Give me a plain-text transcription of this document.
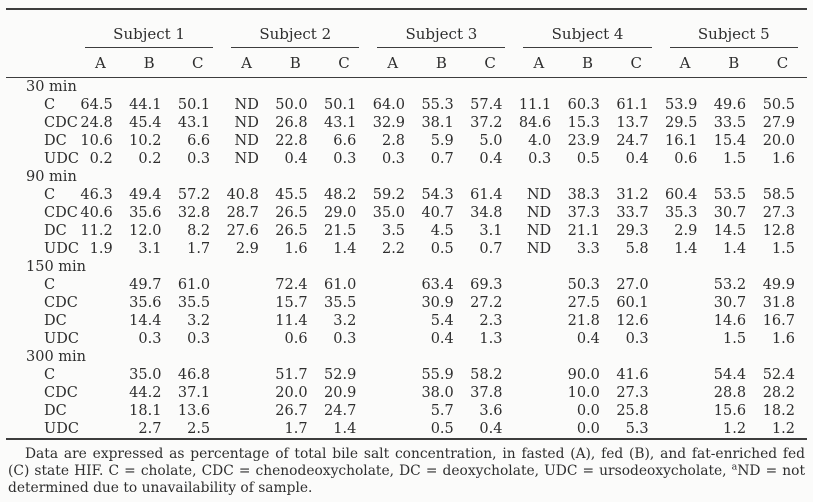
	Subject 1			Subject 2			Subject 3			Subject 4			Subject 5		

	A	B	C	A	B	C	A	B	C	A	B	C	A	B	C
30 min															
C	64.5	44.1	50.1	ND	50.0	50.1	64.0	55.3	57.4	11.1	60.3	61.1	53.9	49.6	50.5
CDC	24.8	45.4	43.1	ND	26.8	43.1	32.9	38.1	37.2	84.6	15.3	13.7	29.5	33.5	27.9
DC	10.6	10.2	6.6	ND	22.8	6.6	2.8	5.9	5.0	4.0	23.9	24.7	16.1	15.4	20.0
UDC	0.2	0.2	0.3	ND	0.4	0.3	0.3	0.7	0.4	0.3	0.5	0.4	0.6	1.5	1.6
90 min															
C	46.3	49.4	57.2	40.8	45.5	48.2	59.2	54.3	61.4	ND	38.3	31.2	60.4	53.5	58.5
CDC	40.6	35.6	32.8	28.7	26.5	29.0	35.0	40.7	34.8	ND	37.3	33.7	35.3	30.7	27.3
DC	11.2	12.0	8.2	27.6	26.5	21.5	3.5	4.5	3.1	ND	21.1	29.3	2.9	14.5	12.8
UDC	1.9	3.1	1.7	2.9	1.6	1.4	2.2	0.5	0.7	ND	3.3	5.8	1.4	1.4	1.5
150 min															
C		49.7	61.0		72.4	61.0		63.4	69.3		50.3	27.0		53.2	49.9
CDC		35.6	35.5		15.7	35.5		30.9	27.2		27.5	60.1		30.7	31.8
DC		14.4	3.2		11.4	3.2		5.4	2.3		21.8	12.6		14.6	16.7
UDC		0.3	0.3		0.6	0.3		0.4	1.3		0.4	0.3		1.5	1.6
300 min															
C		35.0	46.8		51.7	52.9		55.9	58.2		90.0	41.6		54.4	52.4
CDC		44.2	37.1		20.0	20.9		38.0	37.8		10.0	27.3		28.8	28.2
DC		18.1	13.6		26.7	24.7		5.7	3.6		0.0	25.8		15.6	18.2
UDC		2.7	2.5		1.7	1.4		0.5	0.4		0.0	5.3		1.2	1.2

Data are expressed as percentage of total bile salt concentration, in fasted (A), fed (B), and fat-enriched fed (C) state HIF. C = cholate, CDC = chenodeoxycholate, DC = deoxycholate, UDC = ursodeoxycholate, $^a$ND = not determined due to unavailability of sample.
